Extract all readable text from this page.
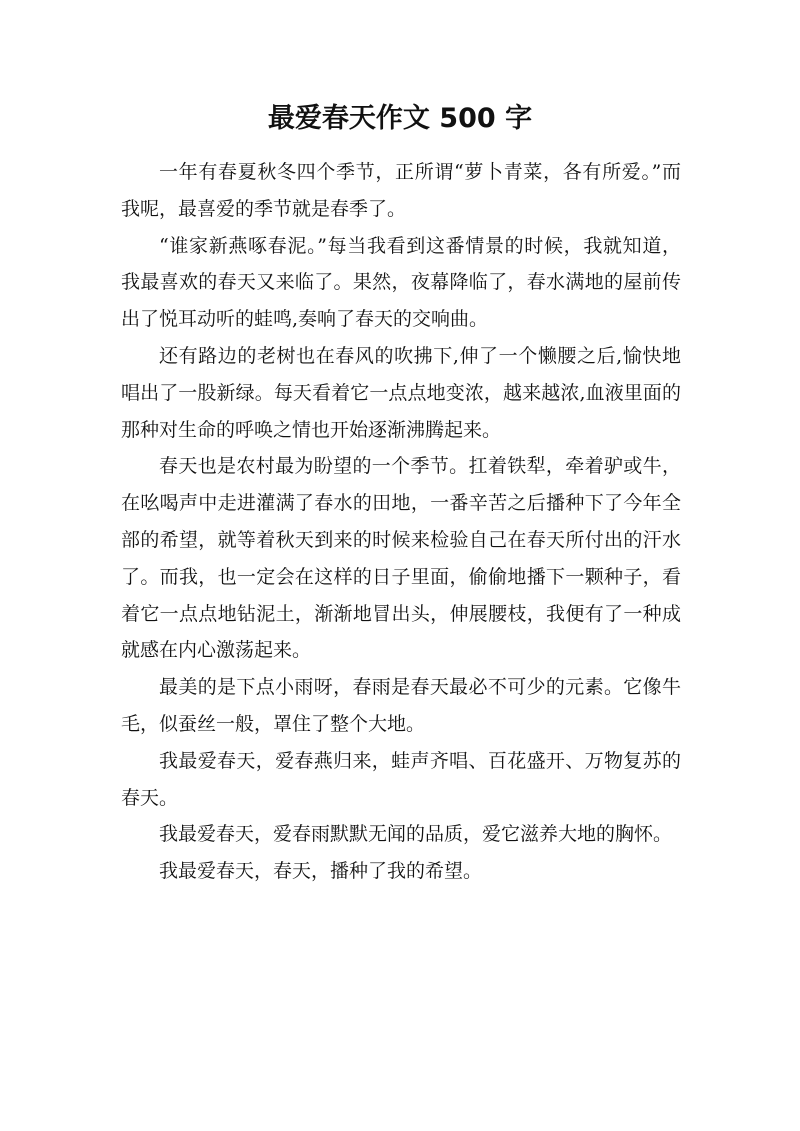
最爱春天作文 500 字

一年有春夏秋冬四个季节，正所谓“萝卜青菜，各有所爱。”而我呢，最喜爱的季节就是春季了。

“谁家新燕啄春泥。”每当我看到这番情景的时候，我就知道，我最喜欢的春天又来临了。果然，夜幕降临了，春水满地的屋前传出了悦耳动听的蛙鸣,奏响了春天的交响曲。

还有路边的老树也在春风的吹拂下,伸了一个懒腰之后,愉快地唱出了一股新绿。每天看着它一点点地变浓，越来越浓,血液里面的那种对生命的呼唤之情也开始逐渐沸腾起来。

春天也是农村最为盼望的一个季节。扛着铁犁，牵着驴或牛，在吆喝声中走进灌满了春水的田地，一番辛苦之后播种下了今年全部的希望，就等着秋天到来的时候来检验自己在春天所付出的汗水了。而我，也一定会在这样的日子里面，偷偷地播下一颗种子，看着它一点点地钻泥土，渐渐地冒出头，伸展腰枝，我便有了一种成就感在内心激荡起来。

最美的是下点小雨呀，春雨是春天最必不可少的元素。它像牛毛，似蚕丝一般，罩住了整个大地。

我最爱春天，爱春燕归来，蛙声齐唱、百花盛开、万物复苏的春天。

我最爱春天，爱春雨默默无闻的品质，爱它滋养大地的胸怀。

我最爱春天，春天，播种了我的希望。
